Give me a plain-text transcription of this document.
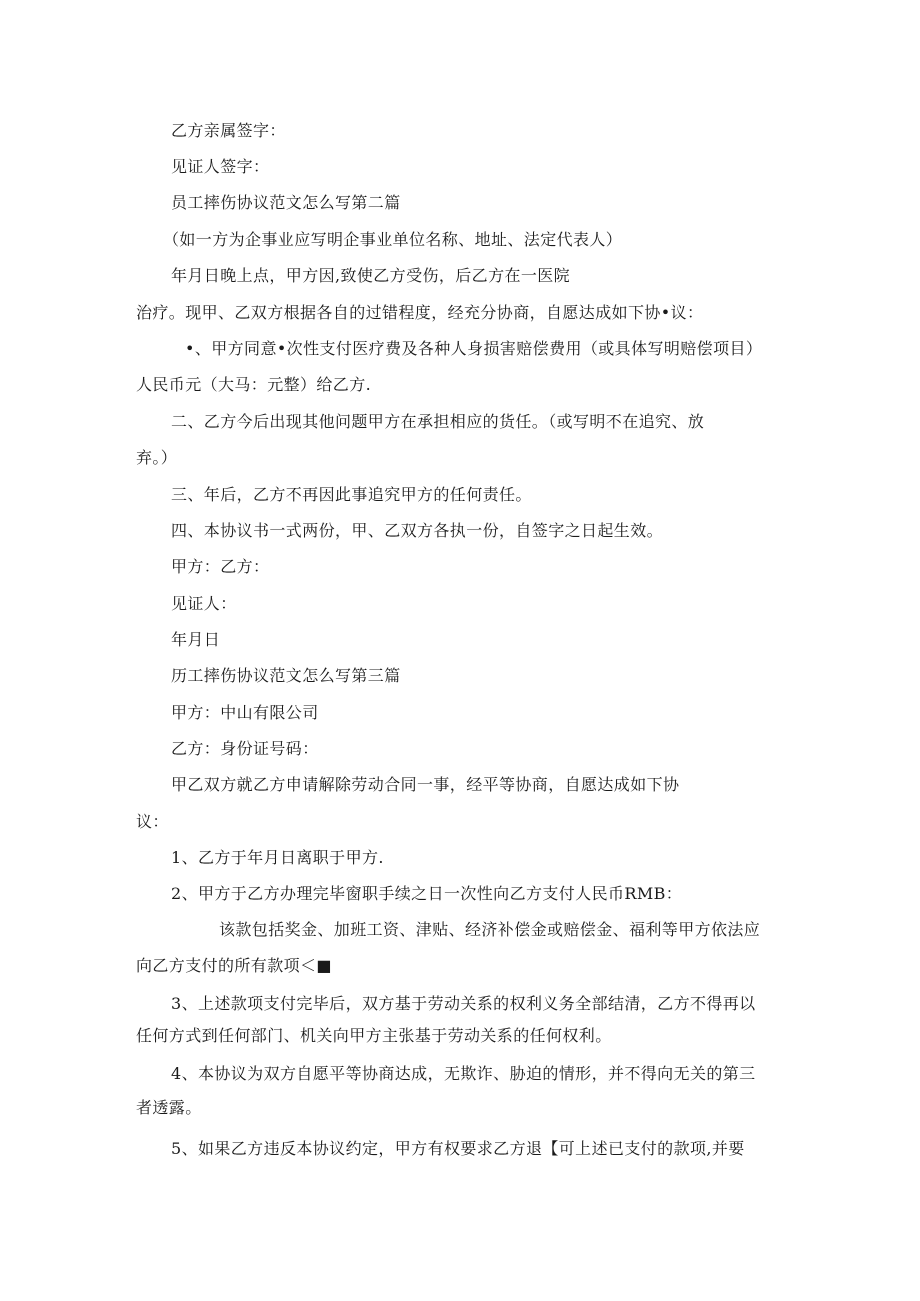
乙方亲属签字：
见证人签字：
员工摔伤协议范文怎么写第二篇
（如一方为企事业应写明企事业单位名称、地址、法定代表人）
年月日晚上点，甲方因,致使乙方受伤，后乙方在一医院
治疗。现甲、乙双方根据各自的过错程度，经充分协商，自愿达成如下协•议：
•、甲方同意•次性支付医疗费及各种人身损害赔偿费用（或具体写明赔偿项目）
人民币元（大马：元整）给乙方.
二、乙方今后出现其他问题甲方在承担相应的货任。（或写明不在追究、放
弃。）
三、年后，乙方不再因此事追究甲方的任何责任。
四、本协议书一式两份，甲、乙双方各执一份，自签字之日起生效。
甲方：乙方：
见证人：
年月日
历工摔伤协议范文怎么写第三篇
甲方：中山有限公司
乙方：身份证号码：
甲乙双方就乙方申请解除劳动合同一事，经平等协商，自愿达成如下协
议：
1、乙方于年月日离职于甲方.
2、甲方于乙方办理完毕窗职手续之日一次性向乙方支付人民币RMB：
该款包括奖金、加班工资、津贴、经济补偿金或赔偿金、福利等甲方依法应
向乙方支付的所有款项＜■
3、上述款项支付完毕后，双方基于劳动关系的权利义务全部结清，乙方不得再以
任何方式到任何部门、机关向甲方主张基于劳动关系的任何权利。
4、本协议为双方自愿平等协商达成，无欺诈、胁迫的情形，并不得向无关的第三
者透露。
5、如果乙方违反本协议约定，甲方有权要求乙方退【可上述已支付的款项,并要
